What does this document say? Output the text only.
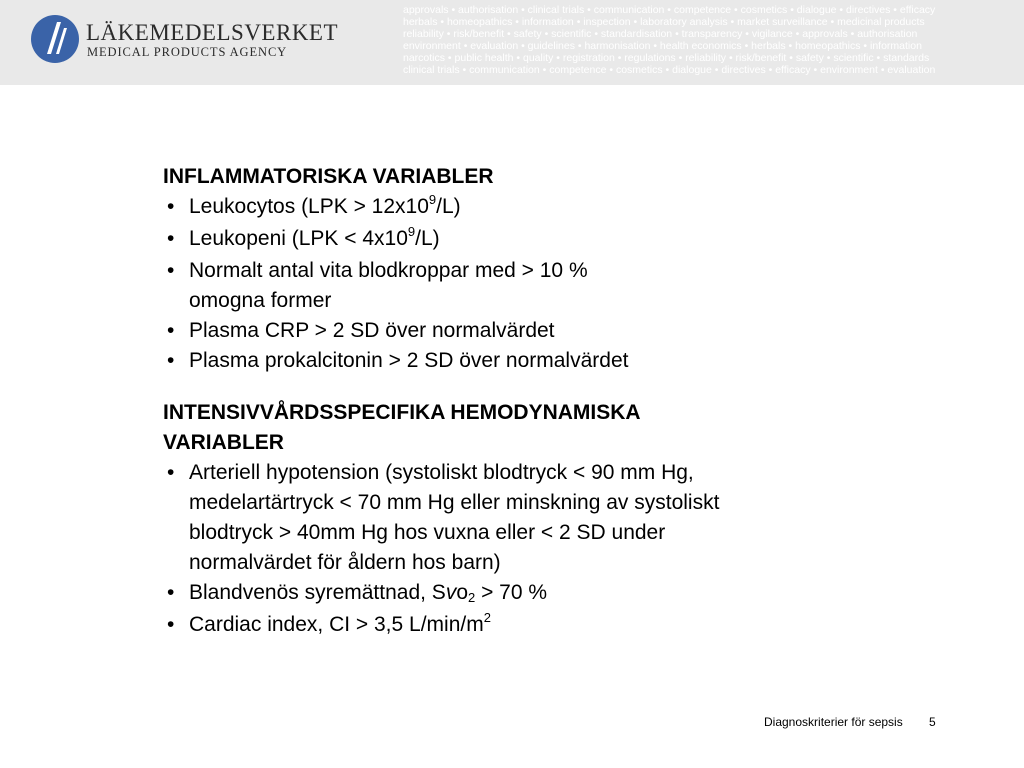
LÄKEMEDELSVERKET
MEDICAL PRODUCTS AGENCY
approvals • authorisation • clinical trials • communication • competence • cosmetics • dialogue • directives • efficacy
herbals • homeopathics • information • inspection • laboratory analysis • market surveillance • medicinal products
reliability • risk/benefit • safety • scientific • standardisation • transparency • vigilance • approvals • authorisation
environment • evaluation • guidelines • harmonisation • health economics • herbals • homeopathics • information
narcotics • public health • quality • registration • regulations • reliability • risk/benefit • safety • scientific • standards
clinical trials • communication • competence • cosmetics • dialogue • directives • efficacy • environment • evaluation
INFLAMMATORISKA VARIABLER
• Leukocytos $(LPK > 12x10^9/L)$
• Leukopeni $(LPK < 4x10^9/L)$
• Normalt antal vita blodkroppar med > 10 %
omogna former
• Plasma CRP > 2 SD över normalvärdet
• Plasma prokalcitonin > 2 SD över normalvärdet
INTENSIVVÅRDSSPECIFIKA HEMODYNAMISKA
VARIABLER
• Arteriell hypotension (systoliskt blodtryck < 90 mm Hg,
medelartärtryck < 70 mm Hg eller minskning av systoliskt
blodtryck > 40mm Hg hos vuxna eller < 2 SD under
normalvärdet för åldern hos barn)
• Blandvenös syremättnad, Svo$_2$ > 70 %
• Cardiac index, CI > 3,5 $L/\min/m^2$
Diagnoskriterier för sepsis 5
